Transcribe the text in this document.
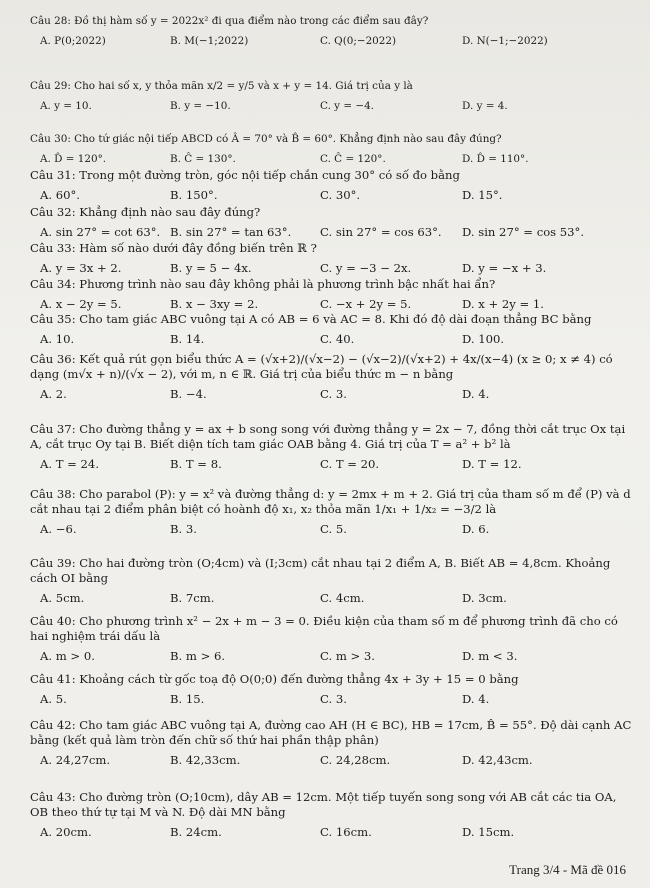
Câu 28: Đồ thị hàm số y = 2022x² đi qua điểm nào trong các điểm sau đây?
A. P(0;2022)	B. M(−1;2022)	C. Q(0;−2022)	D. N(−1;−2022)
Câu 29: Cho hai số x, y thỏa mãn x/2 = y/5 và x + y = 14. Giá trị của y là
A. y = 10.	B. y = −10.	C. y = −4.	D. y = 4.
Câu 30: Cho tứ giác nội tiếp ABCD có Â = 70° và B̂ = 60°. Khẳng định nào sau đây đúng?
A. D̂ = 120°.	B. Ĉ = 130°.	C. Ĉ = 120°.	D. D̂ = 110°.
Câu 31: Trong một đường tròn, góc nội tiếp chắn cung 30° có số đo bằng
A. 60°.	B. 150°.	C. 30°.	D. 15°.
Câu 32: Khẳng định nào sau đây đúng?
A. sin 27° = cot 63°. B. sin 27° = tan 63°. C. sin 27° = cos 63°. D. sin 27° = cos 53°.
Câu 33: Hàm số nào dưới đây đồng biến trên ℝ ?
A. y = 3x + 2.	B. y = 5 − 4x.	C. y = −3 − 2x.	D. y = −x + 3.
Câu 34: Phương trình nào sau đây không phải là phương trình bậc nhất hai ẩn?
A. x − 2y = 5.	B. x − 3xy = 2.	C. −x + 2y = 5.	D. x + 2y = 1.
Câu 35: Cho tam giác ABC vuông tại A có AB = 6 và AC = 8. Khi đó độ dài đoạn thẳng BC bằng
A. 10.	B. 14.	C. 40.	D. 100.
Câu 36: Kết quả rút gọn biểu thức A = (√x+2)/(√x−2) − (√x−2)/(√x+2) + 4x/(x−4) (x ≥ 0; x ≠ 4) có dạng (m√x + n)/(√x − 2), với m, n ∈ ℝ. Giá trị của biểu thức m − n bằng
A. 2.	B. −4.	C. 3.	D. 4.
Câu 37: Cho đường thẳng y = ax + b song song với đường thẳng y = 2x − 7, đồng thời cắt trục Ox tại A, cắt trục Oy tại B. Biết diện tích tam giác OAB bằng 4. Giá trị của T = a² + b² là
A. T = 24.	B. T = 8.	C. T = 20.	D. T = 12.
Câu 38: Cho parabol (P): y = x² và đường thẳng d: y = 2mx + m + 2. Giá trị của tham số m để (P) và d cắt nhau tại 2 điểm phân biệt có hoành độ x₁, x₂ thỏa mãn 1/x₁ + 1/x₂ = −3/2 là
A. −6.	B. 3.	C. 5.	D. 6.
Câu 39: Cho hai đường tròn (O;4cm) và (I;3cm) cắt nhau tại 2 điểm A, B. Biết AB = 4,8cm. Khoảng cách OI bằng
A. 5cm.	B. 7cm.	C. 4cm.	D. 3cm.
Câu 40: Cho phương trình x² − 2x + m − 3 = 0. Điều kiện của tham số m để phương trình đã cho có hai nghiệm trái dấu là
A. m > 0.	B. m > 6.	C. m > 3.	D. m < 3.
Câu 41: Khoảng cách từ gốc toạ độ O(0;0) đến đường thẳng 4x + 3y + 15 = 0 bằng
A. 5.	B. 15.	C. 3.	D. 4.
Câu 42: Cho tam giác ABC vuông tại A, đường cao AH (H ∈ BC), HB = 17cm, B̂ = 55°. Độ dài cạnh AC bằng (kết quả làm tròn đến chữ số thứ hai phần thập phân)
A. 24,27cm.	B. 42,33cm.	C. 24,28cm.	D. 42,43cm.
Câu 43: Cho đường tròn (O;10cm), dây AB = 12cm. Một tiếp tuyến song song với AB cắt các tia OA, OB theo thứ tự tại M và N. Độ dài MN bằng
A. 20cm.	B. 24cm.	C. 16cm.	D. 15cm.
Trang 3/4 - Mã đề 016
